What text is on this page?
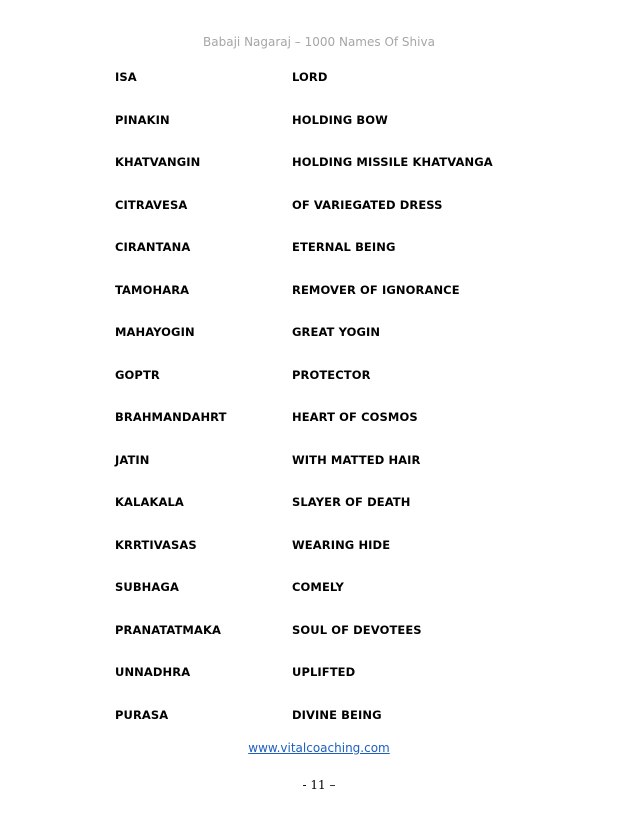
Babaji Nagaraj – 1000 Names Of Shiva
ISA	LORD
PINAKIN	HOLDING BOW
KHATVANGIN	HOLDING MISSILE KHATVANGA
CITRAVESA	OF VARIEGATED DRESS
CIRANTANA	ETERNAL BEING
TAMOHARA	REMOVER OF IGNORANCE
MAHAYOGIN	GREAT YOGIN
GOPTR	PROTECTOR
BRAHMANDAHRT	HEART OF COSMOS
JATIN	WITH MATTED HAIR
KALAKALA	SLAYER OF DEATH
KRRTIVASAS	WEARING HIDE
SUBHAGA	COMELY
PRANATATMAKA	SOUL OF DEVOTEES
UNNADHRA	UPLIFTED
PURASA	DIVINE BEING
www.vitalcoaching.com
- 11 –
